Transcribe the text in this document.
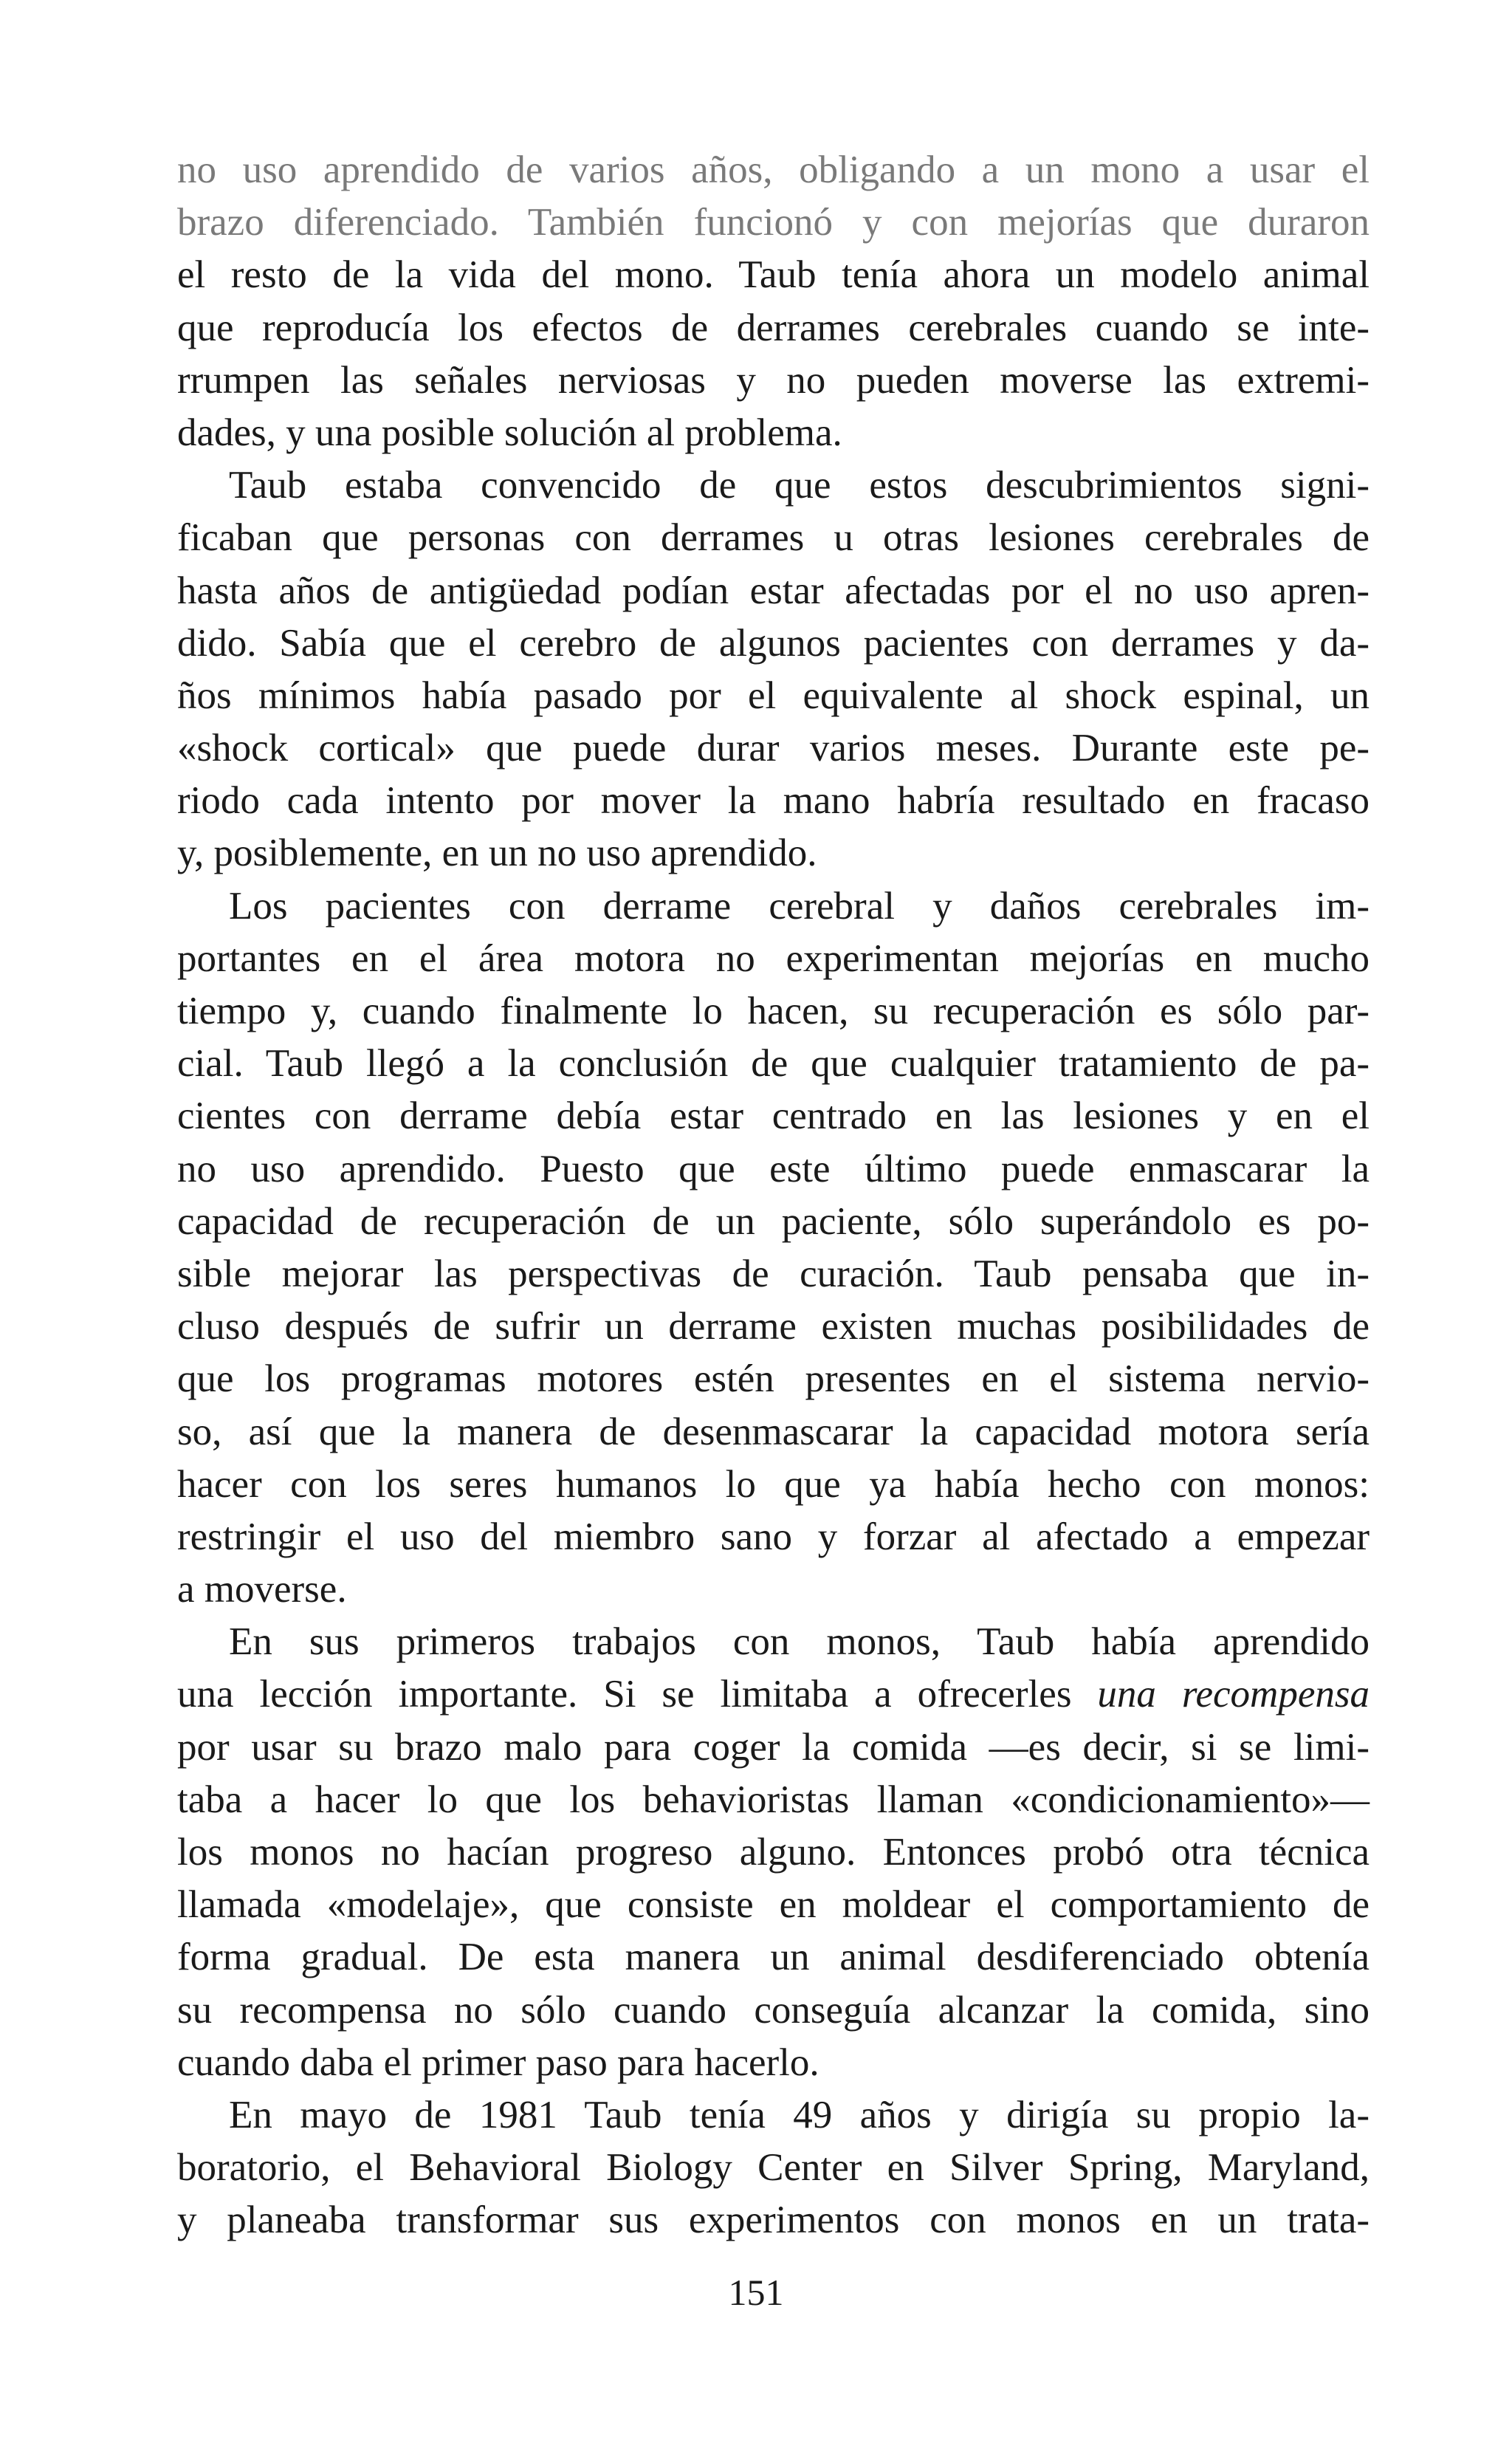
no uso aprendido de varios años, obligando a un mono a usar el
brazo diferenciado. También funcionó y con mejorías que duraron
el resto de la vida del mono. Taub tenía ahora un modelo animal
que reproducía los efectos de derrames cerebrales cuando se inte-
rrumpen las señales nerviosas y no pueden moverse las extremi-
dades, y una posible solución al problema.
Taub estaba convencido de que estos descubrimientos signi-
ficaban que personas con derrames u otras lesiones cerebrales de
hasta años de antigüedad podían estar afectadas por el no uso apren-
dido. Sabía que el cerebro de algunos pacientes con derrames y da-
ños mínimos había pasado por el equivalente al shock espinal, un
«shock cortical» que puede durar varios meses. Durante este pe-
riodo cada intento por mover la mano habría resultado en fracaso
y, posiblemente, en un no uso aprendido.
Los pacientes con derrame cerebral y daños cerebrales im-
portantes en el área motora no experimentan mejorías en mucho
tiempo y, cuando finalmente lo hacen, su recuperación es sólo par-
cial. Taub llegó a la conclusión de que cualquier tratamiento de pa-
cientes con derrame debía estar centrado en las lesiones y en el
no uso aprendido. Puesto que este último puede enmascarar la
capacidad de recuperación de un paciente, sólo superándolo es po-
sible mejorar las perspectivas de curación. Taub pensaba que in-
cluso después de sufrir un derrame existen muchas posibilidades de
que los programas motores estén presentes en el sistema nervio-
so, así que la manera de desenmascarar la capacidad motora sería
hacer con los seres humanos lo que ya había hecho con monos:
restringir el uso del miembro sano y forzar al afectado a empezar
a moverse.
En sus primeros trabajos con monos, Taub había aprendido
una lección importante. Si se limitaba a ofrecerles una recompensa
por usar su brazo malo para coger la comida —es decir, si se limi-
taba a hacer lo que los behavioristas llaman «condicionamiento»—
los monos no hacían progreso alguno. Entonces probó otra técnica
llamada «modelaje», que consiste en moldear el comportamiento de
forma gradual. De esta manera un animal desdiferenciado obtenía
su recompensa no sólo cuando conseguía alcanzar la comida, sino
cuando daba el primer paso para hacerlo.
En mayo de 1981 Taub tenía 49 años y dirigía su propio la-
boratorio, el Behavioral Biology Center en Silver Spring, Maryland,
y planeaba transformar sus experimentos con monos en un trata-
151
